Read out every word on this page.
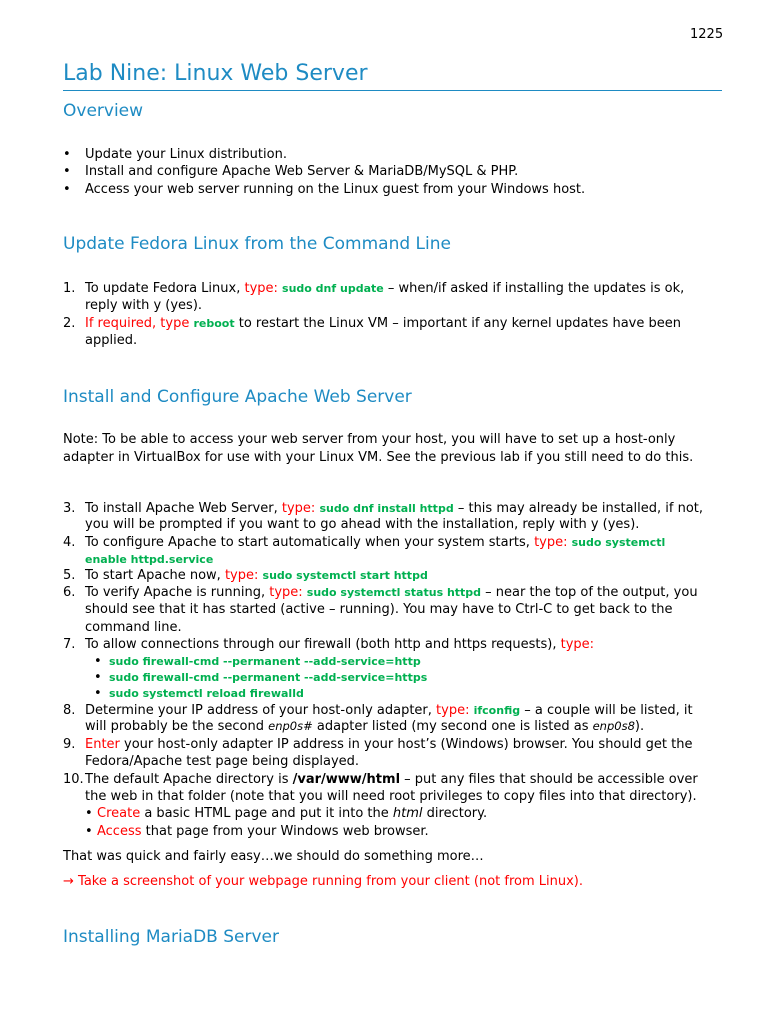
1225
Lab Nine: Linux Web Server
Overview
• Update your Linux distribution.
• Install and configure Apache Web Server & MariaDB/MySQL & PHP.
• Access your web server running on the Linux guest from your Windows host.
Update Fedora Linux from the Command Line
1. To update Fedora Linux, type: sudo dnf update – when/if asked if installing the updates is ok,
reply with y (yes).
2. If required, type reboot to restart the Linux VM – important if any kernel updates have been
applied.
Install and Configure Apache Web Server
Note: To be able to access your web server from your host, you will have to set up a host-only
adapter in VirtualBox for use with your Linux VM. See the previous lab if you still need to do this.
3. To install Apache Web Server, type: sudo dnf install httpd – this may already be installed, if not,
you will be prompted if you want to go ahead with the installation, reply with y (yes).
4. To configure Apache to start automatically when your system starts, type: sudo systemctl
enable httpd.service
5. To start Apache now, type: sudo systemctl start httpd
6. To verify Apache is running, type: sudo systemctl status httpd – near the top of the output, you
should see that it has started (active – running). You may have to Ctrl-C to get back to the
command line.
7. To allow connections through our firewall (both http and https requests), type:
• sudo firewall-cmd --permanent --add-service=http
• sudo firewall-cmd --permanent --add-service=https
• sudo systemctl reload firewalld
8. Determine your IP address of your host-only adapter, type: ifconfig – a couple will be listed, it
will probably be the second enp0s# adapter listed (my second one is listed as enp0s8).
9. Enter your host-only adapter IP address in your host’s (Windows) browser. You should get the
Fedora/Apache test page being displayed.
10. The default Apache directory is /var/www/html – put any files that should be accessible over
the web in that folder (note that you will need root privileges to copy files into that directory).
• Create a basic HTML page and put it into the html directory.
• Access that page from your Windows web browser.
That was quick and fairly easy…we should do something more…
→ Take a screenshot of your webpage running from your client (not from Linux).
Installing MariaDB Server
